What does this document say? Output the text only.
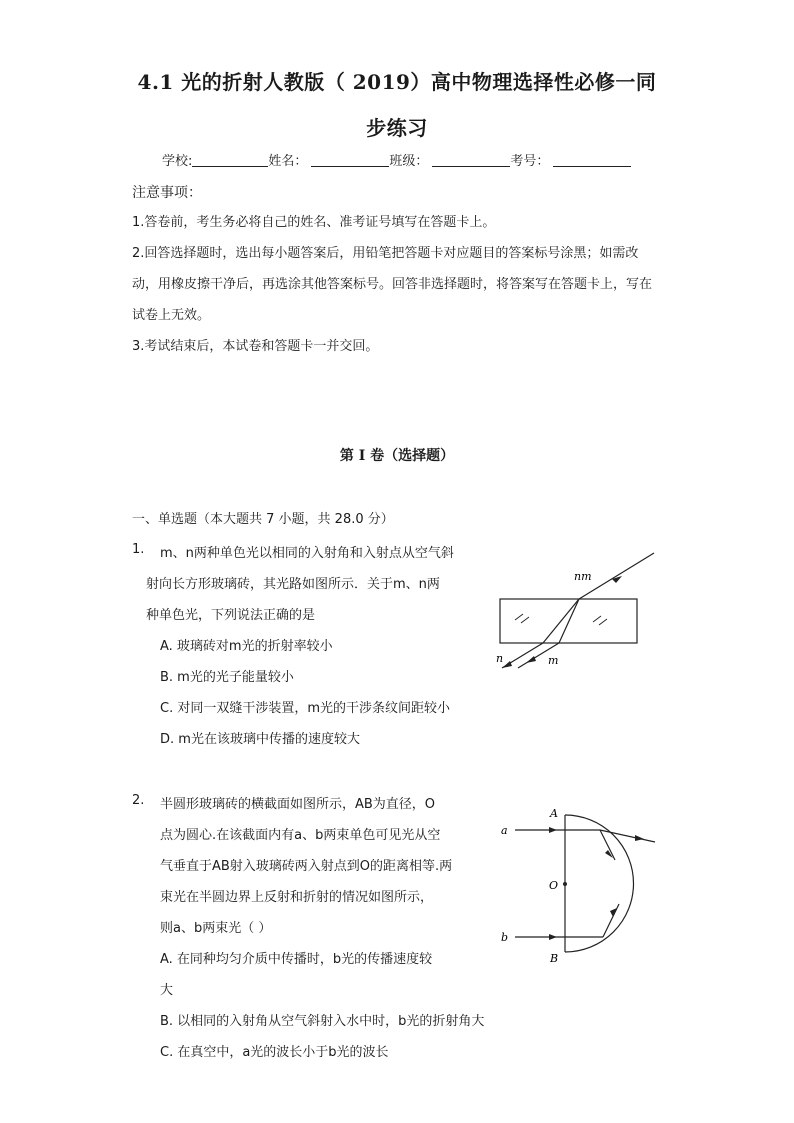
4.1 光的折射人教版（ 2019）高中物理选择性必修一同
步练习
学校:	姓名：	班级：	考号：
注意事项：
1.答卷前，考生务必将自己的姓名、准考证号填写在答题卡上。
2.回答选择题时，选出每小题答案后，用铅笔把答题卡对应题目的答案标号涂黑；如需改动，用橡皮擦干净后，再选涂其他答案标号。回答非选择题时，将答案写在答题卡上，写在试卷上无效。
3.考试结束后，本试卷和答题卡一并交回。
第 I 卷（选择题）
一、单选题（本大题共 7 小题，共 28.0 分）
1. m、n两种单色光以相同的入射角和入射点从空气斜
射向长方形玻璃砖，其光路如图所示．关于m、n两
种单色光，下列说法正确的是
A. 玻璃砖对m光的折射率较小
B. m光的光子能量较小
C. 对同一双缝干涉装置，m光的干涉条纹间距较小
D. m光在该玻璃中传播的速度较大
nm
n	m
2. 半圆形玻璃砖的横截面如图所示，AB为直径，O
点为圆心.在该截面内有a、b两束单色可见光从空
气垂直于AB射入玻璃砖两入射点到O的距离相等.两
束光在半圆边界上反射和折射的情况如图所示，
则a、b两束光（ ）
A. 在同种均匀介质中传播时，b光的传播速度较
大
B. 以相同的入射角从空气斜射入水中时，b光的折射角大
C. 在真空中，a光的波长小于b光的波长
A
B
O
a
b
